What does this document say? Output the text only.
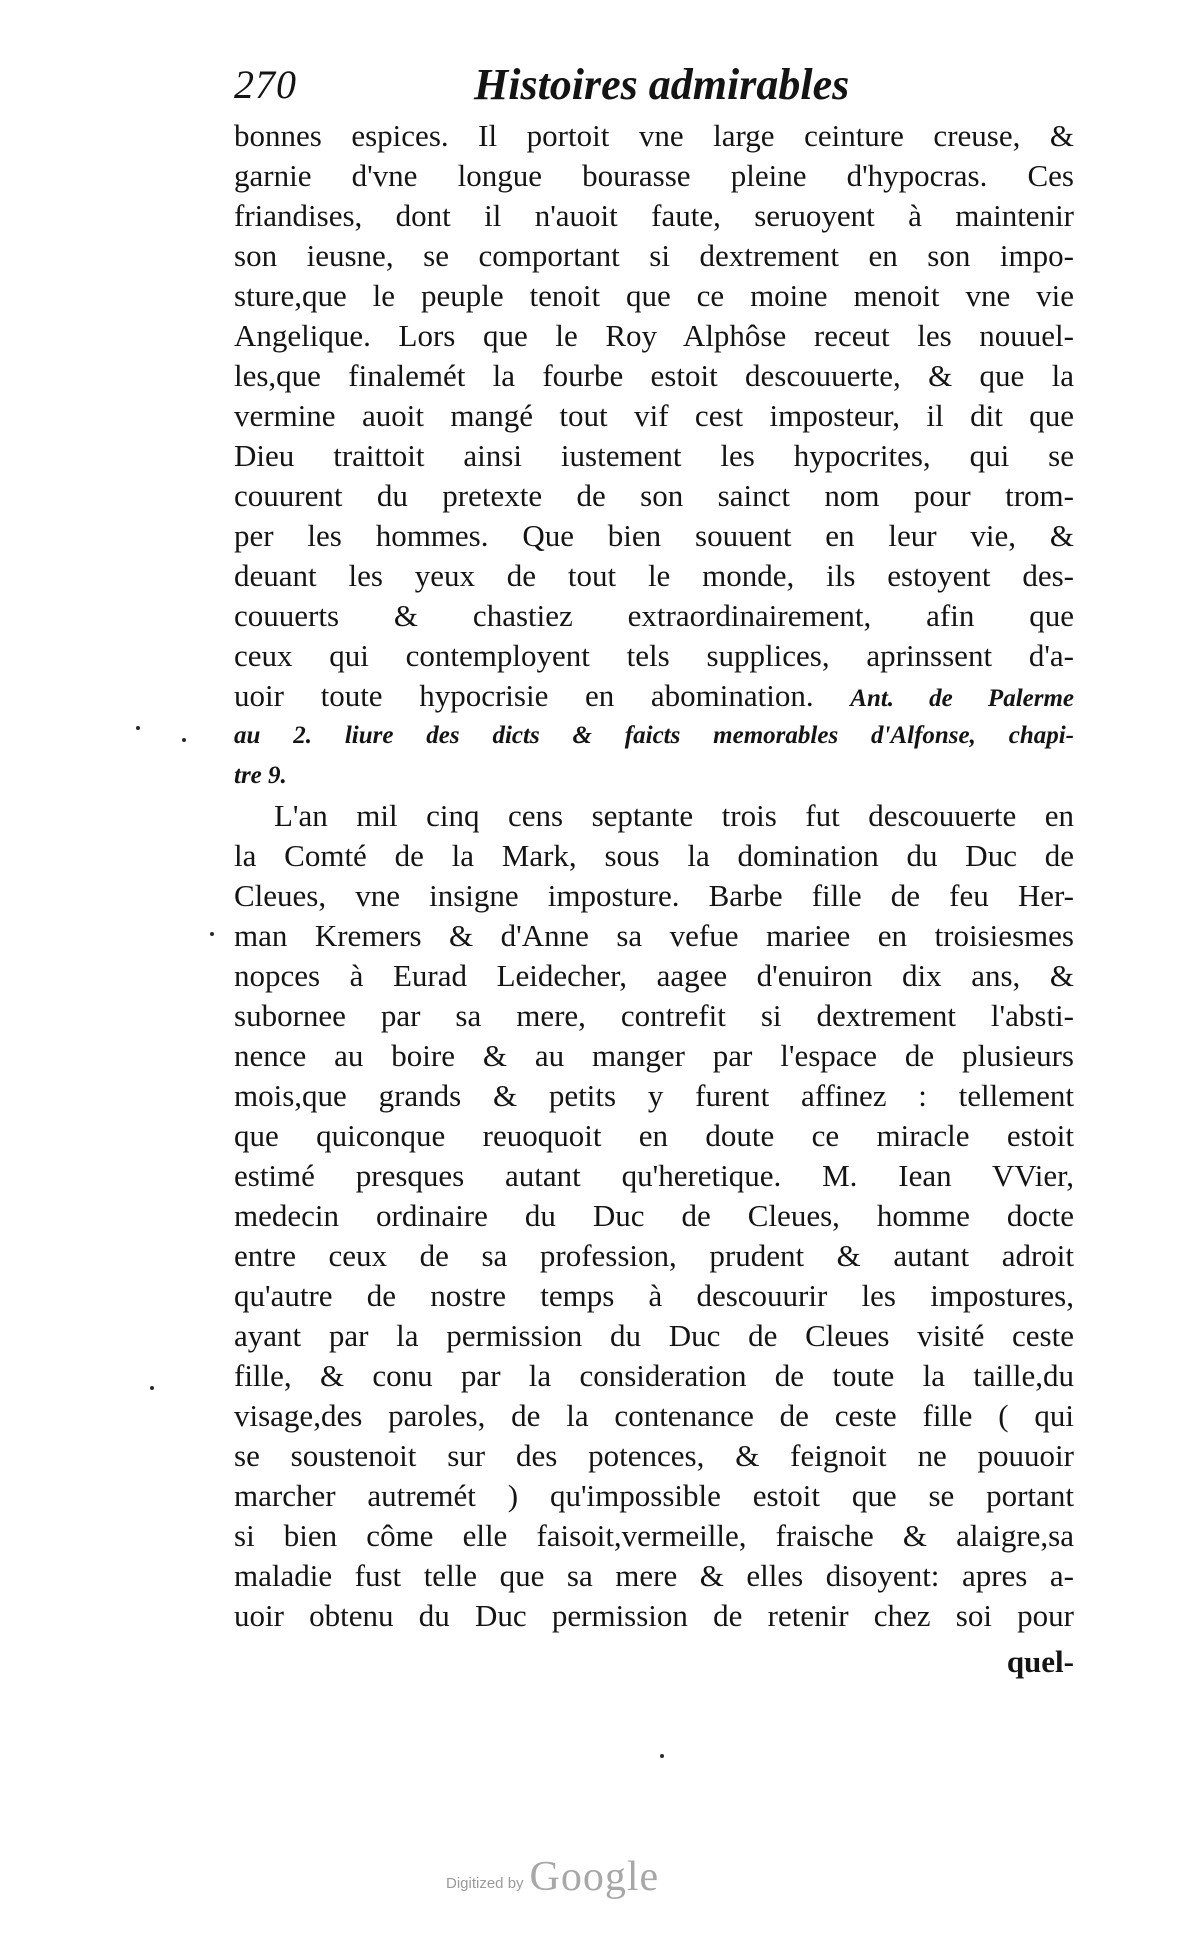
270	Histoires admirables
bonnes espices. Il portoit vne large ceinture creuse, &
garnie d'vne longue bourasse pleine d'hypocras. Ces
friandises, dont il n'auoit faute, seruoyent à maintenir
son ieusne, se comportant si dextrement en son impo-
sture,que le peuple tenoit que ce moine menoit vne vie
Angelique. Lors que le Roy Alphôse receut les nouuel-
les,que finalemét la fourbe estoit descouuerte, & que la
vermine auoit mangé tout vif cest imposteur, il dit que
Dieu traittoit ainsi iustement les hypocrites, qui se
couurent du pretexte de son sainct nom pour trom-
per les hommes. Que bien souuent en leur vie, &
deuant les yeux de tout le monde, ils estoyent des-
couuerts & chastiez extraordinairement, afin que
ceux qui contemployent tels supplices, aprinssent d'a-
uoir toute hypocrisie en abomination. Ant. de Palerme
au 2. liure des dicts & faicts memorables d'Alfonse, chapi-
tre 9.
L'an mil cinq cens septante trois fut descouuerte en
la Comté de la Mark, sous la domination du Duc de
Cleues, vne insigne imposture. Barbe fille de feu Her-
man Kremers & d'Anne sa vefue mariee en troisiesmes
nopces à Eurad Leidecher, aagee d'enuiron dix ans, &
subornee par sa mere, contrefit si dextrement l'absti-
nence au boire & au manger par l'espace de plusieurs
mois,que grands & petits y furent affinez : tellement
que quiconque reuoquoit en doute ce miracle estoit
estimé presques autant qu'heretique. M. Iean VVier,
medecin ordinaire du Duc de Cleues, homme docte
entre ceux de sa profession, prudent & autant adroit
qu'autre de nostre temps à descouurir les impostures,
ayant par la permission du Duc de Cleues visité ceste
fille, & conu par la consideration de toute la taille,du
visage,des paroles, de la contenance de ceste fille ( qui
se soustenoit sur des potences, & feignoit ne pouuoir
marcher autremét ) qu'impossible estoit que se portant
si bien côme elle faisoit,vermeille, fraische & alaigre,sa
maladie fust telle que sa mere & elles disoyent: apres a-
uoir obtenu du Duc permission de retenir chez soi pour
quel-
Digitized by Google
